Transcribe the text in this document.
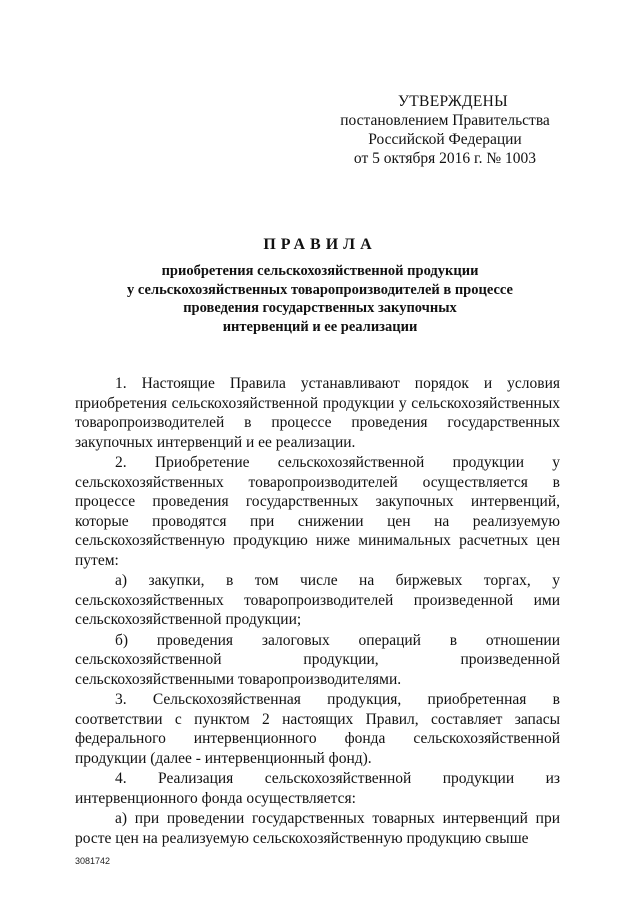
УТВЕРЖДЕНЫ
постановлением Правительства
Российской Федерации
от 5 октября 2016 г. № 1003
ПРАВИЛА
приобретения сельскохозяйственной продукции
у сельскохозяйственных товаропроизводителей в процессе
проведения государственных закупочных
интервенций и ее реализации

1. Настоящие Правила устанавливают порядок и условия приобретения сельскохозяйственной продукции у сельскохозяйственных товаропроизводителей в процессе проведения государственных закупочных интервенций и ее реализации.

2. Приобретение сельскохозяйственной продукции у сельскохозяйственных товаропроизводителей осуществляется в процессе проведения государственных закупочных интервенций, которые проводятся при снижении цен на реализуемую сельскохозяйственную продукцию ниже минимальных расчетных цен путем:

а) закупки, в том числе на биржевых торгах, у сельскохозяйственных товаропроизводителей произведенной ими сельскохозяйственной продукции;

б) проведения залоговых операций в отношении сельскохозяйственной продукции, произведенной сельскохозяйственными товаропроизводителями.

3. Сельскохозяйственная продукция, приобретенная в соответствии с пунктом 2 настоящих Правил, составляет запасы федерального интервенционного фонда сельскохозяйственной продукции (далее - интервенционный фонд).

4. Реализация сельскохозяйственной продукции из интервенционного фонда осуществляется:

а) при проведении государственных товарных интервенций при росте цен на реализуемую сельскохозяйственную продукцию свыше

3081742
